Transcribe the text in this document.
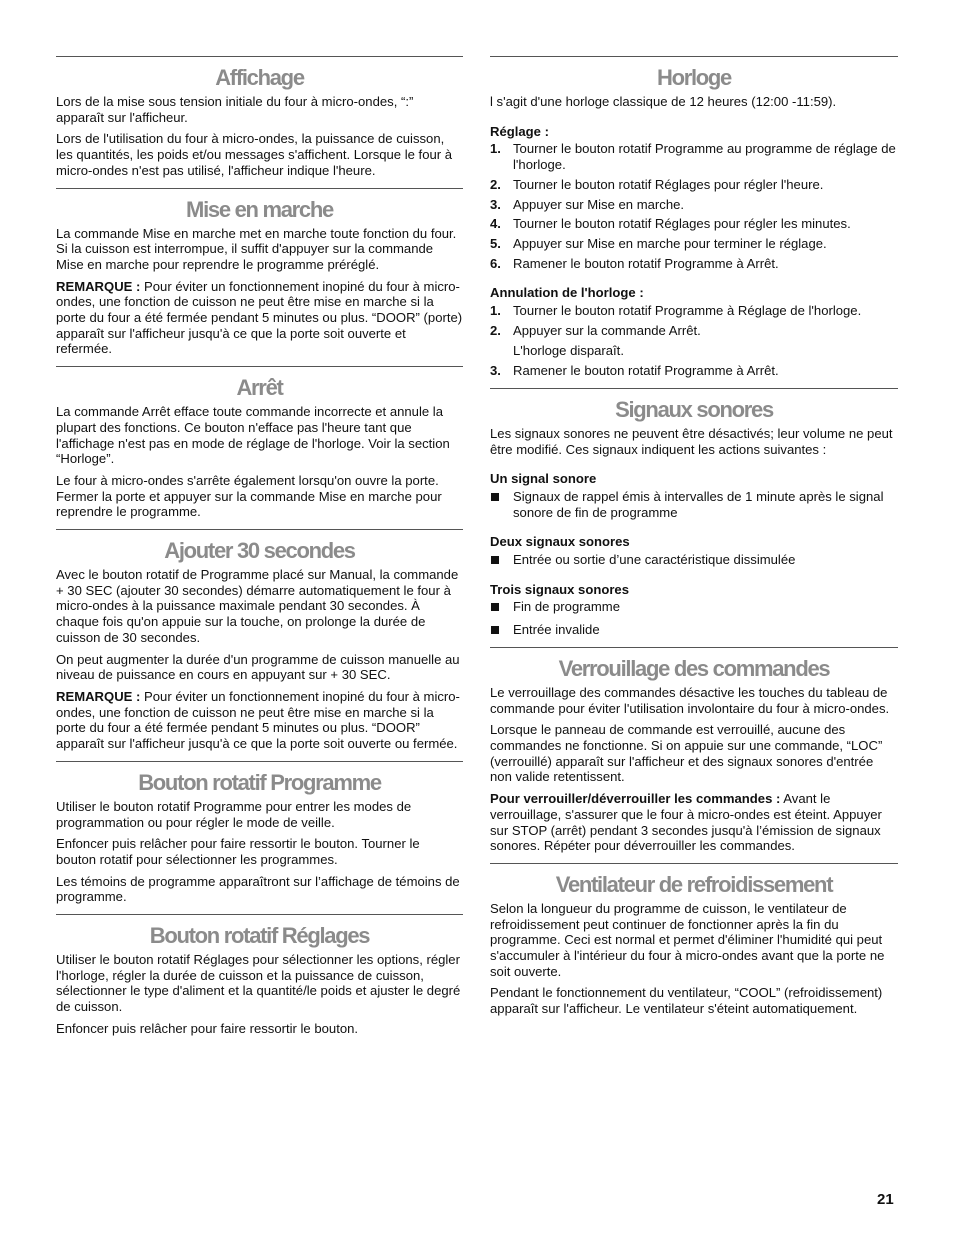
Affichage

Lors de la mise sous tension initiale du four à micro-ondes, “:” apparaît sur l'afficheur.

Lors de l'utilisation du four à micro-ondes, la puissance de cuisson, les quantités, les poids et/ou messages s'affichent. Lorsque le four à micro-ondes n'est pas utilisé, l'afficheur indique l'heure.

Mise en marche

La commande Mise en marche met en marche toute fonction du four. Si la cuisson est interrompue, il suffit d'appuyer sur la commande Mise en marche pour reprendre le programme préréglé.

REMARQUE : Pour éviter un fonctionnement inopiné du four à micro-ondes, une fonction de cuisson ne peut être mise en marche si la porte du four a été fermée pendant 5 minutes ou plus. “DOOR” (porte) apparaît sur l'afficheur jusqu'à ce que la porte soit ouverte et refermée.

Arrêt

La commande Arrêt efface toute commande incorrecte et annule la plupart des fonctions. Ce bouton n'efface pas l'heure tant que l'affichage n'est pas en mode de réglage de l'horloge. Voir la section “Horloge”.

Le four à micro-ondes s'arrête également lorsqu'on ouvre la porte. Fermer la porte et appuyer sur la commande Mise en marche pour reprendre le programme.

Ajouter 30 secondes

Avec le bouton rotatif de Programme placé sur Manual, la commande + 30 SEC (ajouter 30 secondes) démarre automatiquement le four à micro-ondes à la puissance maximale pendant 30 secondes. À chaque fois qu'on appuie sur la touche, on prolonge la durée de cuisson de 30 secondes.

On peut augmenter la durée d'un programme de cuisson manuelle au niveau de puissance en cours en appuyant sur + 30 SEC.

REMARQUE : Pour éviter un fonctionnement inopiné du four à micro-ondes, une fonction de cuisson ne peut être mise en marche si la porte du four a été fermée pendant 5 minutes ou plus. “DOOR” apparaît sur l'afficheur jusqu'à ce que la porte soit ouverte ou fermée.

Bouton rotatif Programme

Utiliser le bouton rotatif Programme pour entrer les modes de programmation ou pour régler le mode de veille.

Enfoncer puis relâcher pour faire ressortir le bouton. Tourner le bouton rotatif pour sélectionner les programmes.

Les témoins de programme apparaîtront sur l’affichage de témoins de programme.

Bouton rotatif Réglages

Utiliser le bouton rotatif Réglages pour sélectionner les options, régler l'horloge, régler la durée de cuisson et la puissance de cuisson, sélectionner le type d'aliment et la quantité/le poids et ajuster le degré de cuisson.

Enfoncer puis relâcher pour faire ressortir le bouton.

Horloge

l s'agit d'une horloge classique de 12 heures (12:00 -11:59).

Réglage :
1. Tourner le bouton rotatif Programme au programme de réglage de l'horloge.
2. Tourner le bouton rotatif Réglages pour régler l'heure.
3. Appuyer sur Mise en marche.
4. Tourner le bouton rotatif Réglages pour régler les minutes.
5. Appuyer sur Mise en marche pour terminer le réglage.
6. Ramener le bouton rotatif Programme à Arrêt.
Annulation de l'horloge :
1. Tourner le bouton rotatif Programme à Réglage de l'horloge.
2. Appuyer sur la commande Arrêt.
L'horloge disparaît.
3. Ramener le bouton rotatif Programme à Arrêt.
Signaux sonores

Les signaux sonores ne peuvent être désactivés; leur volume ne peut être modifié. Ces signaux indiquent les actions suivantes :

Un signal sonore
Signaux de rappel émis à intervalles de 1 minute après le signal sonore de fin de programme
Deux signaux sonores
Entrée ou sortie d’une caractéristique dissimulée
Trois signaux sonores
Fin de programme
Entrée invalide
Verrouillage des commandes

Le verrouillage des commandes désactive les touches du tableau de commande pour éviter l'utilisation involontaire du four à micro-ondes.

Lorsque le panneau de commande est verrouillé, aucune des commandes ne fonctionne. Si on appuie sur une commande, “LOC” (verrouillé) apparaît sur l'afficheur et des signaux sonores d'entrée non valide retentissent.

Pour verrouiller/déverrouiller les commandes : Avant le verrouillage, s'assurer que le four à micro-ondes est éteint. Appuyer sur STOP (arrêt) pendant 3 secondes jusqu'à l’émission de signaux sonores. Répéter pour déverrouiller les commandes.

Ventilateur de refroidissement

Selon la longueur du programme de cuisson, le ventilateur de refroidissement peut continuer de fonctionner après la fin du programme. Ceci est normal et permet d'éliminer l'humidité qui peut s'accumuler à l'intérieur du four à micro-ondes avant que la porte ne soit ouverte.

Pendant le fonctionnement du ventilateur, “COOL” (refroidissement) apparaît sur l'afficheur. Le ventilateur s'éteint automatiquement.

21
